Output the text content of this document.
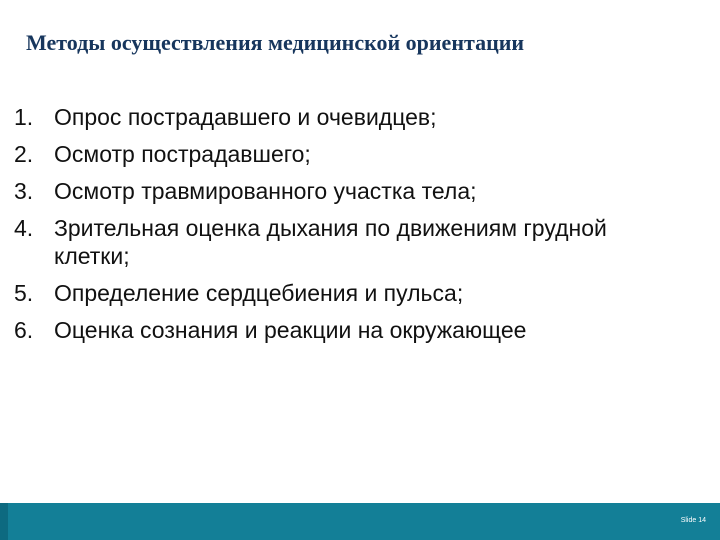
Методы осуществления медицинской ориентации
1. Опрос пострадавшего и очевидцев;
2. Осмотр пострадавшего;
3. Осмотр травмированного участка тела;
4. Зрительная оценка дыхания по движениям грудной клетки;
5. Определение сердцебиения и пульса;
6. Оценка сознания и реакции на окружающее
Slide 14
